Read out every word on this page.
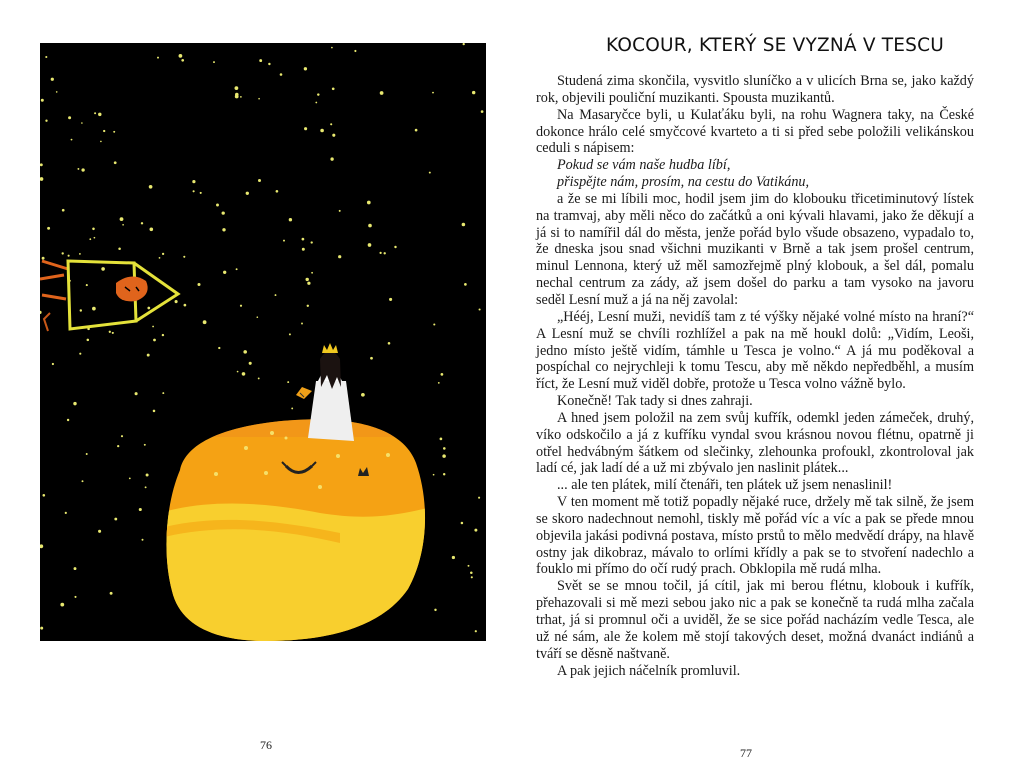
76
KOCOUR, KTERÝ SE VYZNÁ V TESCU

Studená zima skončila, vysvitlo sluníčko a v ulicích Brna se, jako každý rok, objevili pouliční muzikanti. Spousta muzikantů.

Na Masaryčce byli, u Kulaťáku byli, na rohu Wagnera taky, na České dokonce hrálo celé smyčcové kvarteto a ti si před sebe položili velikánskou ceduli s nápisem:

Pokud se vám naše hudba líbí,

přispějte nám, prosím, na cestu do Vatikánu,

a že se mi líbili moc, hodil jsem jim do klobouku třicetiminutový lístek na tramvaj, aby měli něco do začátků a oni kývali hlavami, jako že děkují a já si to namířil dál do města, jenže pořád bylo všude obsazeno, vypadalo to, že dneska jsou snad všichni muzikanti v Brně a tak jsem prošel centrum, minul Lennona, který už měl samozřejmě plný klobouk, a šel dál, pomalu nechal centrum za zády, až jsem došel do parku a tam vysoko na javoru seděl Lesní muž a já na něj zavolal:

„Hééj, Lesní muži, nevidíš tam z té výšky nějaké volné místo na hraní?“ A Lesní muž se chvíli rozhlížel a pak na mě houkl dolů: „Vidím, Leoši, jedno místo ještě vidím, támhle u Tesca je volno.“ A já mu poděkoval a pospíchal co nejrychleji k tomu Tescu, aby mě někdo nepředběhl, a musím říct, že Lesní muž viděl dobře, protože u Tesca volno vážně bylo.

Konečně! Tak tady si dnes zahraji.

A hned jsem položil na zem svůj kufřík, odemkl jeden zámeček, druhý, víko odskočilo a já z kufříku vyndal svou krásnou novou flétnu, opatrně ji otřel hedvábným šátkem od slečinky, zlehounka profoukl, zkontroloval jak ladí cé, jak ladí dé a už mi zbývalo jen naslinit plátek...

... ale ten plátek, milí čtenáři, ten plátek už jsem nenaslinil!

V ten moment mě totiž popadly nějaké ruce, držely mě tak silně, že jsem se skoro nadechnout nemohl, tiskly mě pořád víc a víc a pak se přede mnou objevila jakási podivná postava, místo prstů to mělo medvědí drápy, na hlavě ostny jak dikobraz, mávalo to orlími křídly a pak se to stvoření nadechlo a fouklo mi přímo do očí rudý prach. Obklopila mě rudá mlha.

Svět se se mnou točil, já cítil, jak mi berou flétnu, klobouk i kufřík, přehazovali si mě mezi sebou jako nic a pak se konečně ta rudá mlha začala trhat, já si promnul oči a uviděl, že se sice pořád nacházím vedle Tesca, ale už né sám, ale že kolem mě stojí takových deset, možná dvanáct indiánů a tváří se děsně naštvaně.

A pak jejich náčelník promluvil.

77
